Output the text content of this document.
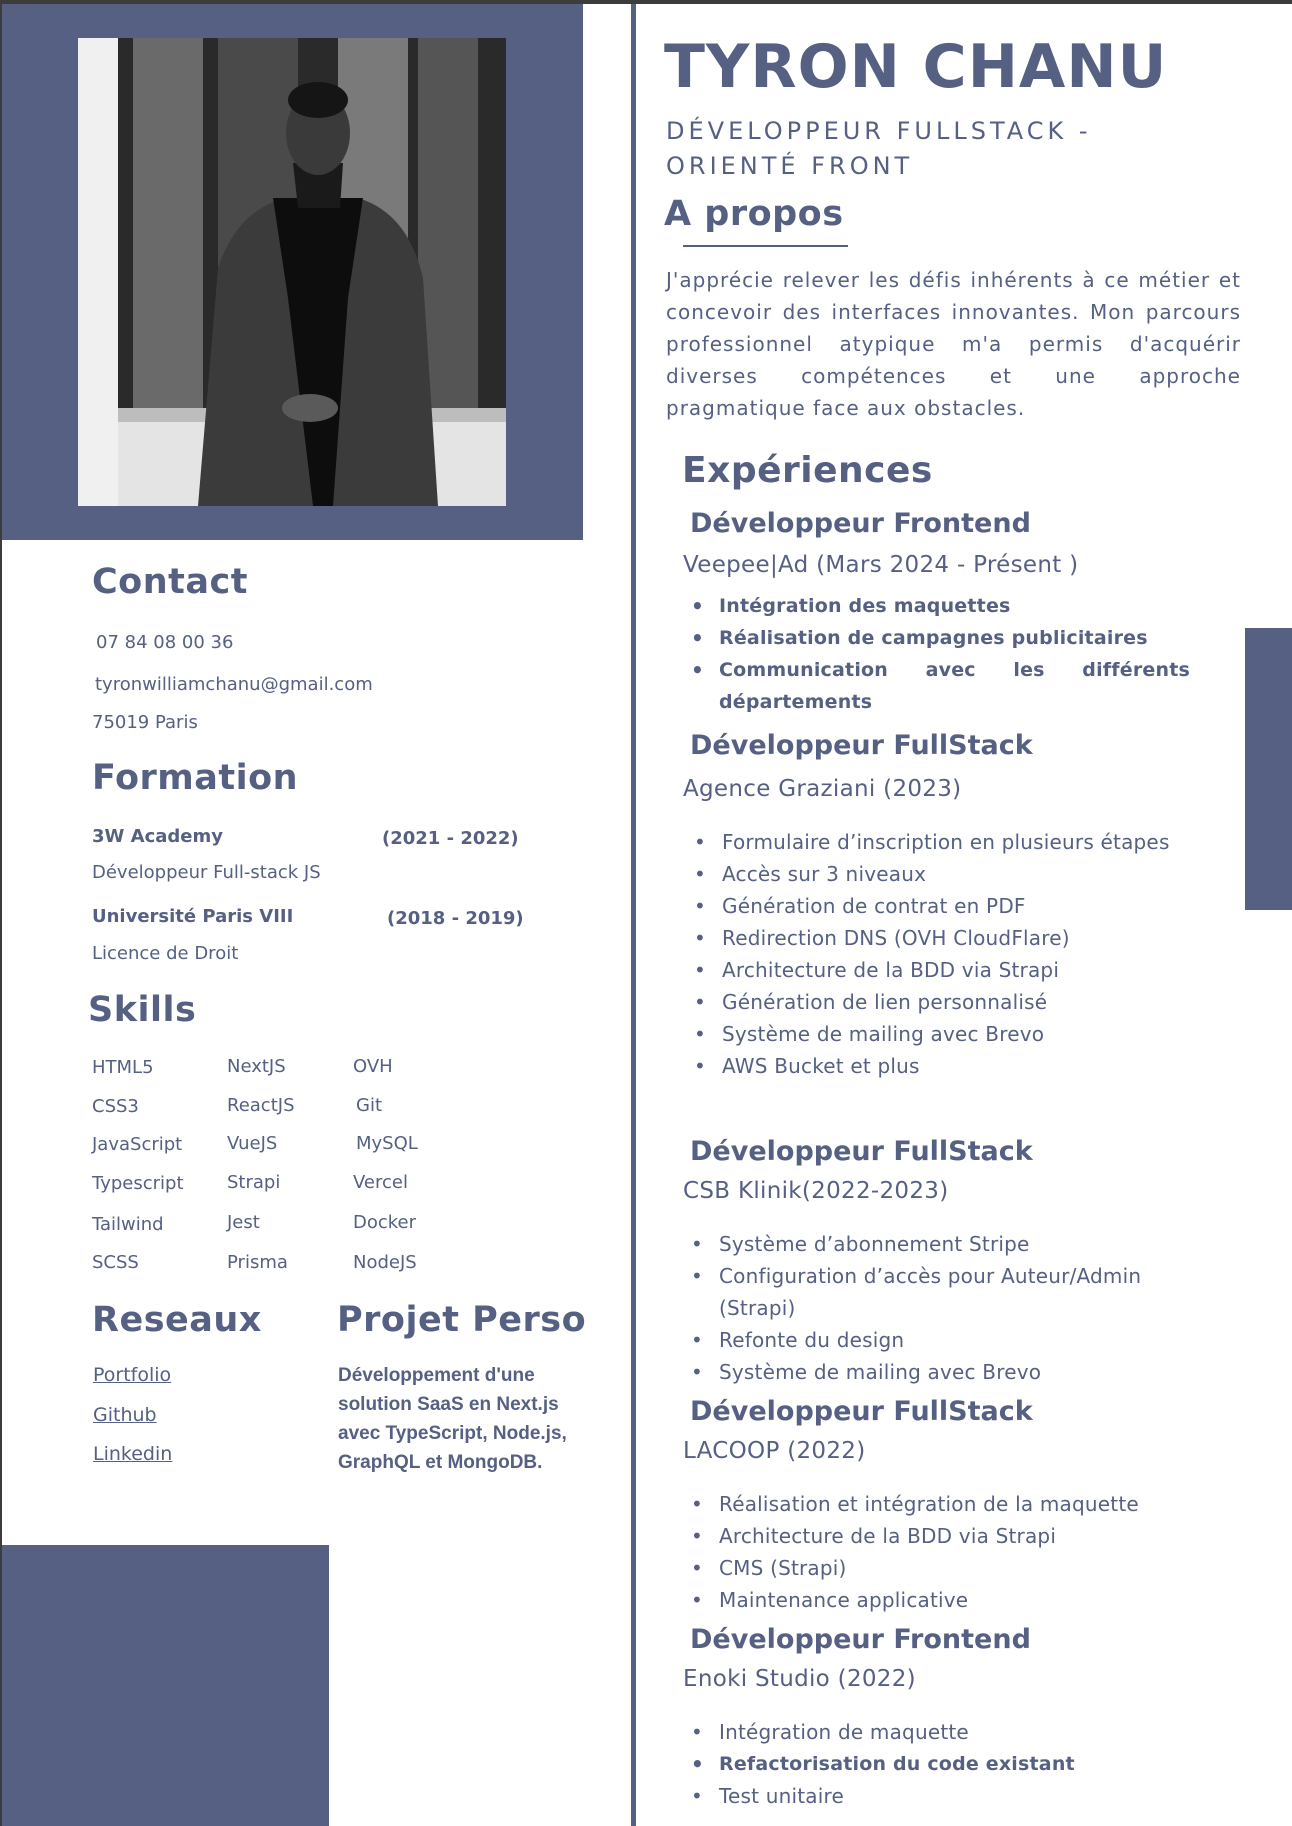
Contact
07 84 08 00 36
tyronwilliamchanu@gmail.com
75019 Paris
Formation
3W Academy	(2021 - 2022)
Développeur Full-stack JS
Université Paris VIII	(2018 - 2019)
Licence de Droit
Skills
HTML5
CSS3
JavaScript
Typescript
Tailwind
SCSS
NextJS
ReactJS
VueJS
Strapi
Jest
Prisma
OVH
Git
MySQL
Vercel
Docker
NodeJS
Reseaux
Portfolio
Github
Linkedin
Projet Perso
Développement d'une solution SaaS en Next.js avec TypeScript, Node.js, GraphQL et MongoDB.
TYRON CHANU
DÉVELOPPEUR FULLSTACK - ORIENTÉ FRONT
A propos
J'apprécie relever les défis inhérents à ce métier et concevoir des interfaces innovantes. Mon parcours professionnel atypique m'a permis d'acquérir diverses compétences et une approche pragmatique face aux obstacles.
Expériences
Développeur Frontend
Veepee|Ad (Mars 2024 - Présent )
• Intégration des maquettes
• Réalisation de campagnes publicitaires
• Communication avec les différents départements
Développeur FullStack
Agence Graziani (2023)
• Formulaire d’inscription en plusieurs étapes
• Accès sur 3 niveaux
• Génération de contrat en PDF
• Redirection DNS (OVH CloudFlare)
• Architecture de la BDD via Strapi
• Génération de lien personnalisé
• Système de mailing avec Brevo
• AWS Bucket et plus
Développeur FullStack
CSB Klinik(2022-2023)
• Système d’abonnement Stripe
• Configuration d’accès pour Auteur/Admin (Strapi)
• Refonte du design
• Système de mailing avec Brevo
Développeur FullStack
LACOOP (2022)
• Réalisation et intégration de la maquette
• Architecture de la BDD via Strapi
• CMS (Strapi)
• Maintenance applicative
Développeur Frontend
Enoki Studio (2022)
• Intégration de maquette
• Refactorisation du code existant
• Test unitaire
